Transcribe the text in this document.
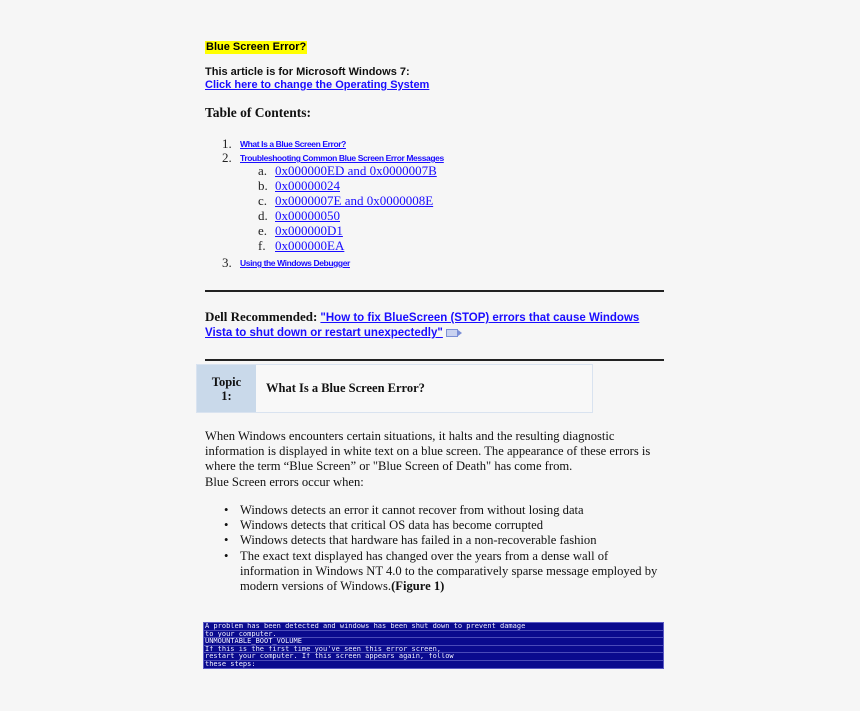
Blue Screen Error?
This article is for Microsoft Windows 7:
Click here to change the Operating System
Table of Contents:
1. What Is a Blue Screen Error?
2. Troubleshooting Common Blue Screen Error Messages
a. 0x000000ED and 0x0000007B
b. 0x00000024
c. 0x0000007E and 0x0000008E
d. 0x00000050
e. 0x000000D1
f. 0x000000EA
3. Using the Windows Debugger
Dell Recommended: "How to fix BlueScreen (STOP) errors that cause Windows Vista to shut down or restart unexpectedly"
Topic
1:
What Is a Blue Screen Error?
When Windows encounters certain situations, it halts and the resulting diagnostic information is displayed in white text on a blue screen. The appearance of these errors is where the term “Blue Screen” or "Blue Screen of Death" has come from.
Blue Screen errors occur when:
• Windows detects an error it cannot recover from without losing data
• Windows detects that critical OS data has become corrupted
• Windows detects that hardware has failed in a non-recoverable fashion
• The exact text displayed has changed over the years from a dense wall of information in Windows NT 4.0 to the comparatively sparse message employed by modern versions of Windows.(Figure 1)
A problem has been detected and windows has been shut down to prevent damage
to your computer.
UNMOUNTABLE_BOOT_VOLUME
If this is the first time you've seen this error screen,
restart your computer. If this screen appears again, follow
these steps:
